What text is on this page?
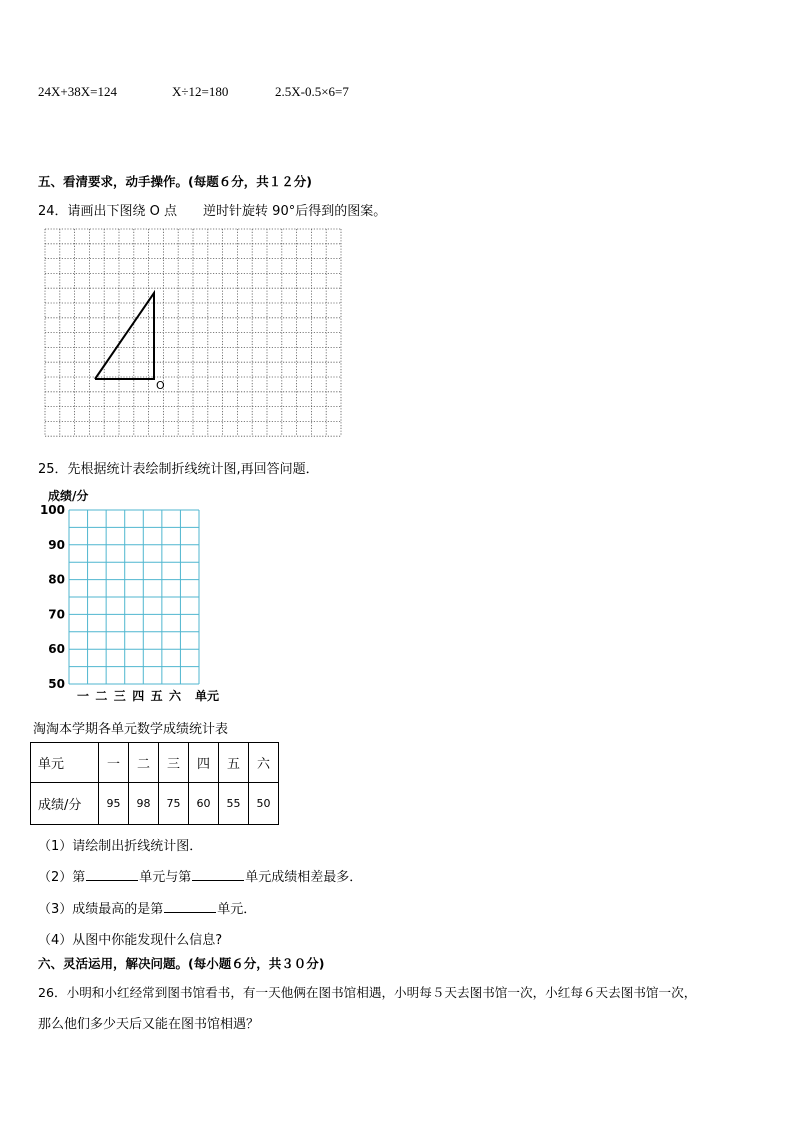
24X+38X=124	X÷12=180	2.5X-0.5×6=7
五、看清要求，动手操作。(每题６分，共１２分)
24．请画出下图绕 O 点 逆时针旋转 90°后得到的图案。
O
25．先根据统计表绘制折线统计图,再回答问题．
成绩/分
100
90
80
70
60
50
一 二 三 四 五 六 单元
淘淘本学期各单元数学成绩统计表
单元	一	二	三	四	五	六
成绩/分	95	98	75	60	55	50
（1）请绘制出折线统计图．
（2）第	单元与第	单元成绩相差最多．
（3）成绩最高的是第	单元．
（4）从图中你能发现什么信息?
六、灵活运用，解决问题。(每小题６分，共３０分)
26．小明和小红经常到图书馆看书，有一天他俩在图书馆相遇，小明每５天去图书馆一次，小红每６天去图书馆一次，
那么他们多少天后又能在图书馆相遇？
